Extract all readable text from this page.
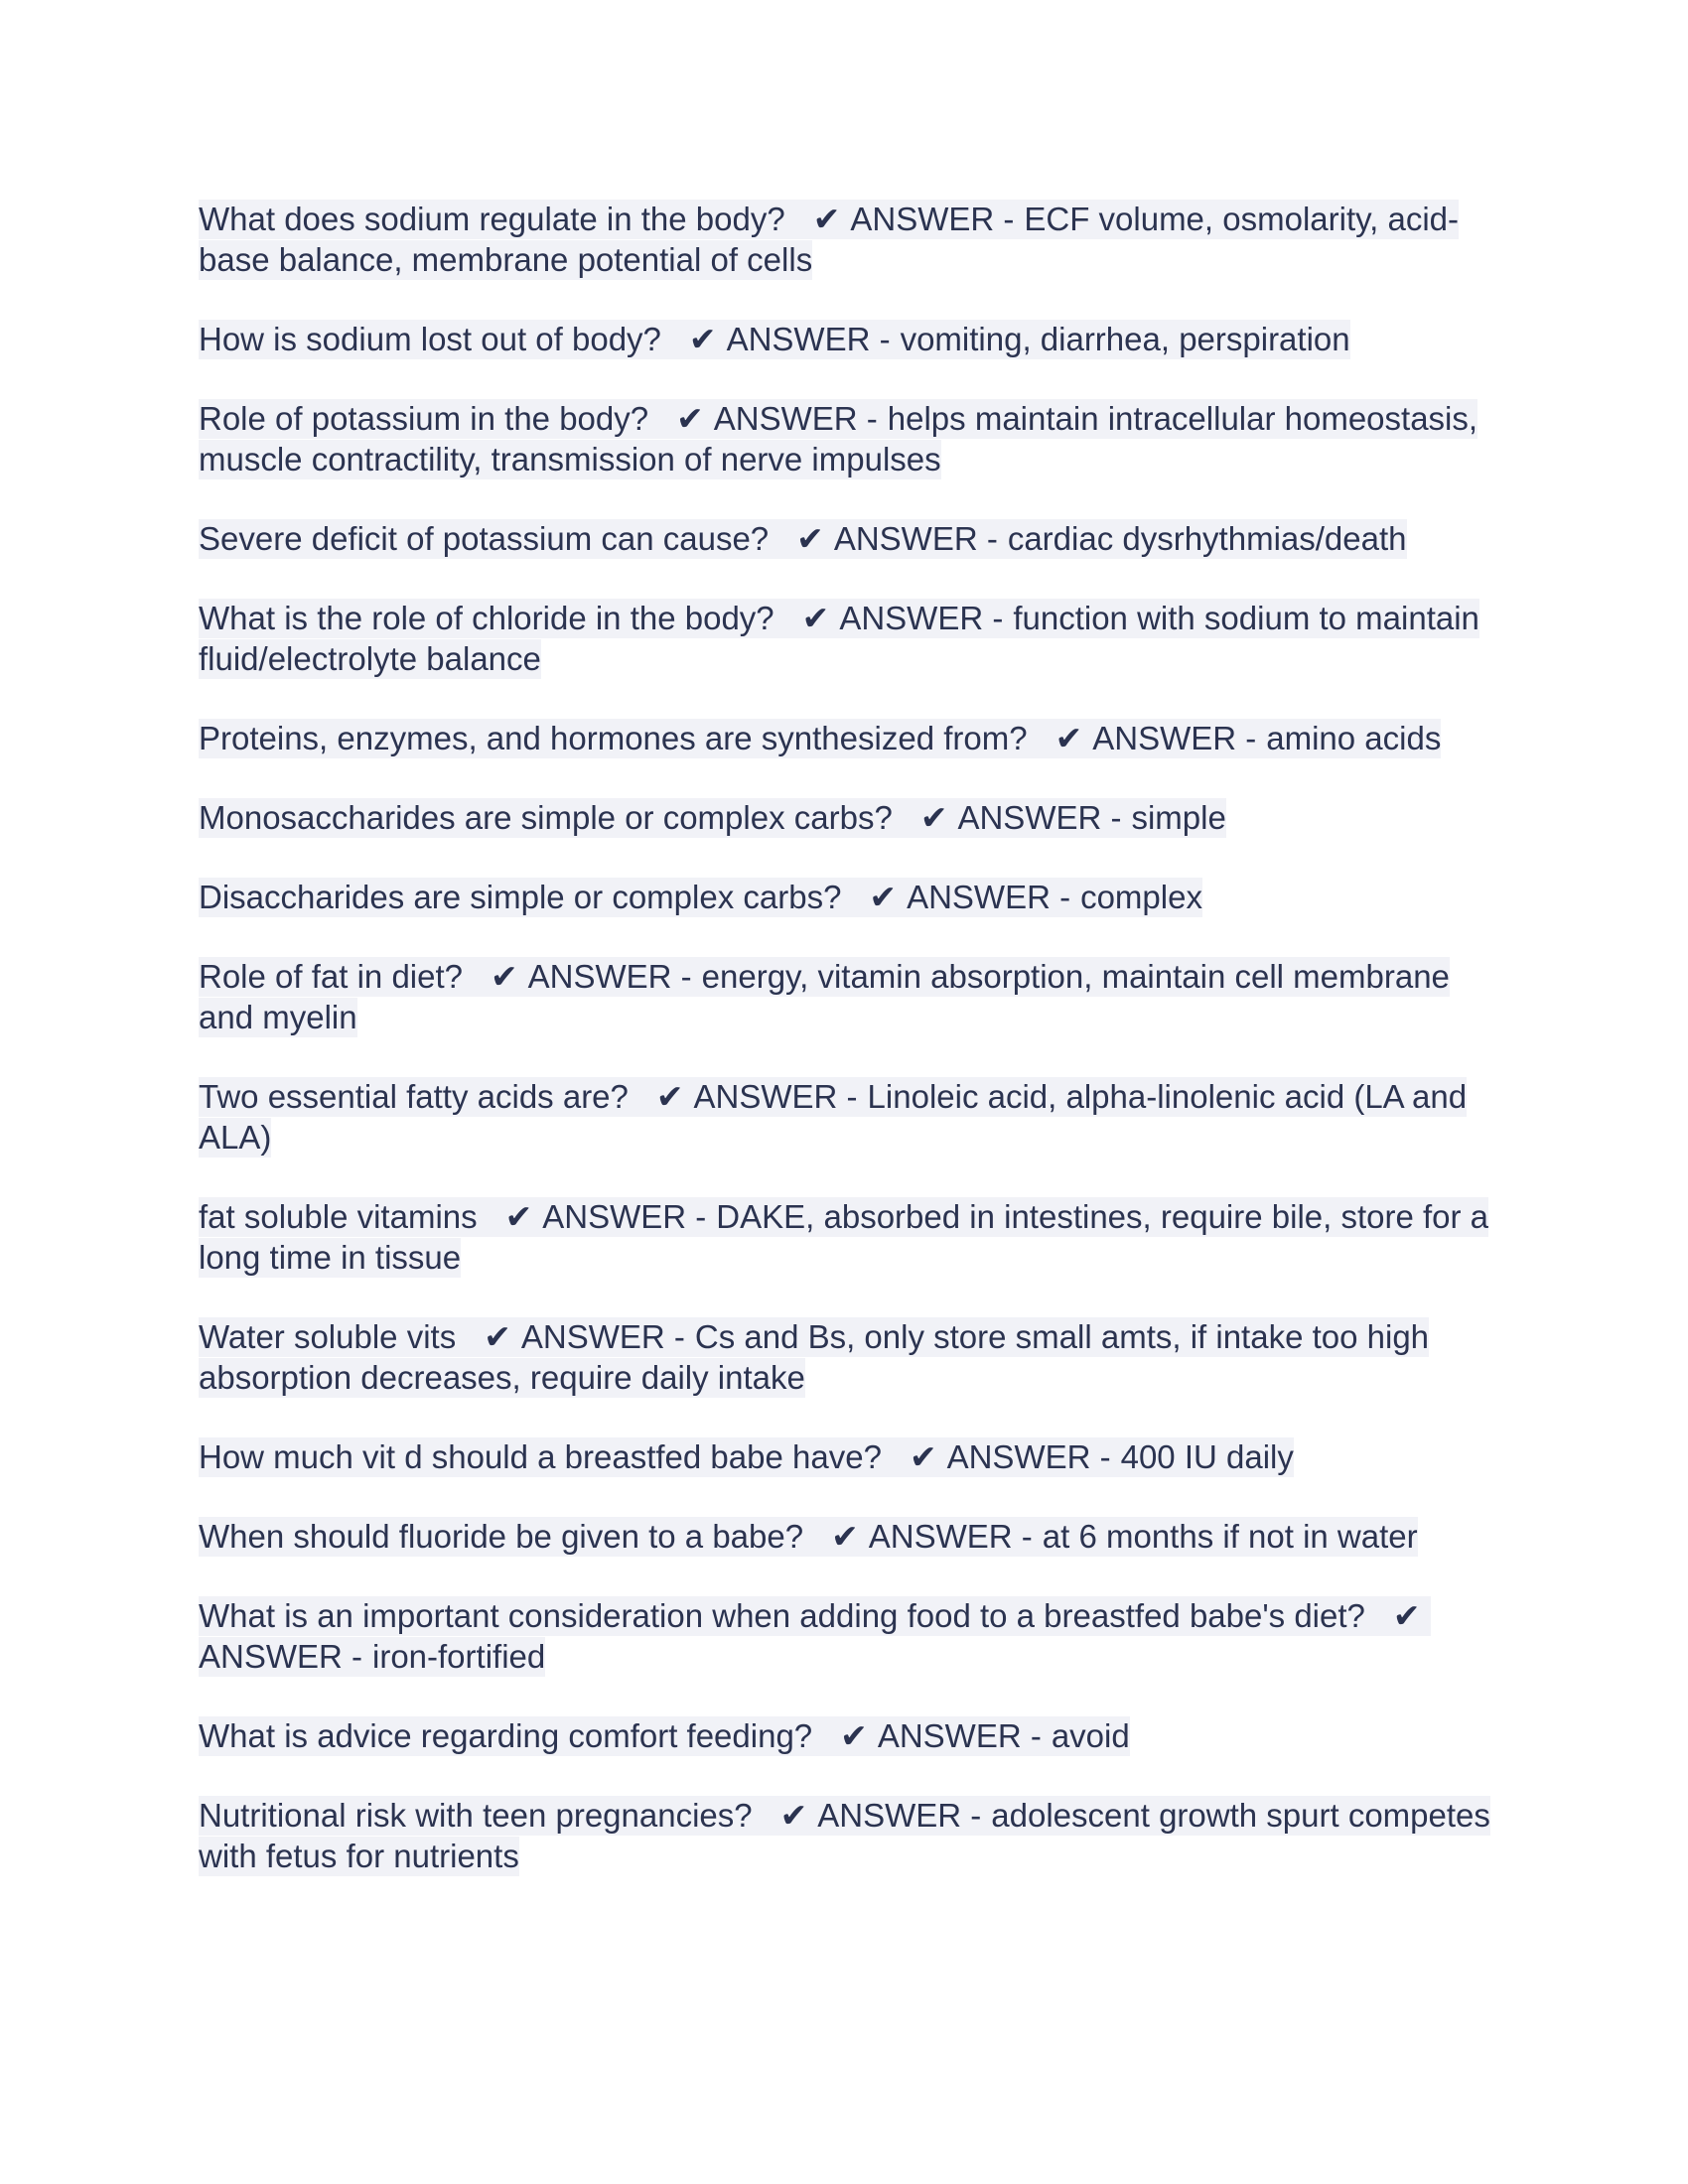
What does sodium regulate in the body? ✔ ANSWER - ECF volume, osmolarity, acid-base balance, membrane potential of cells

How is sodium lost out of body? ✔ ANSWER - vomiting, diarrhea, perspiration

Role of potassium in the body? ✔ ANSWER - helps maintain intracellular homeostasis, muscle contractility, transmission of nerve impulses

Severe deficit of potassium can cause? ✔ ANSWER - cardiac dysrhythmias/death

What is the role of chloride in the body? ✔ ANSWER - function with sodium to maintain fluid/electrolyte balance

Proteins, enzymes, and hormones are synthesized from? ✔ ANSWER - amino acids

Monosaccharides are simple or complex carbs? ✔ ANSWER - simple

Disaccharides are simple or complex carbs? ✔ ANSWER - complex

Role of fat in diet? ✔ ANSWER - energy, vitamin absorption, maintain cell membrane and myelin

Two essential fatty acids are? ✔ ANSWER - Linoleic acid, alpha-linolenic acid (LA and ALA)

fat soluble vitamins ✔ ANSWER - DAKE, absorbed in intestines, require bile, store for a long time in tissue

Water soluble vits ✔ ANSWER - Cs and Bs, only store small amts, if intake too high absorption decreases, require daily intake

How much vit d should a breastfed babe have? ✔ ANSWER - 400 IU daily

When should fluoride be given to a babe? ✔ ANSWER - at 6 months if not in water

What is an important consideration when adding food to a breastfed babe's diet? ✔ANSWER - iron-fortified

What is advice regarding comfort feeding? ✔ ANSWER - avoid

Nutritional risk with teen pregnancies? ✔ ANSWER - adolescent growth spurt competes with fetus for nutrients
